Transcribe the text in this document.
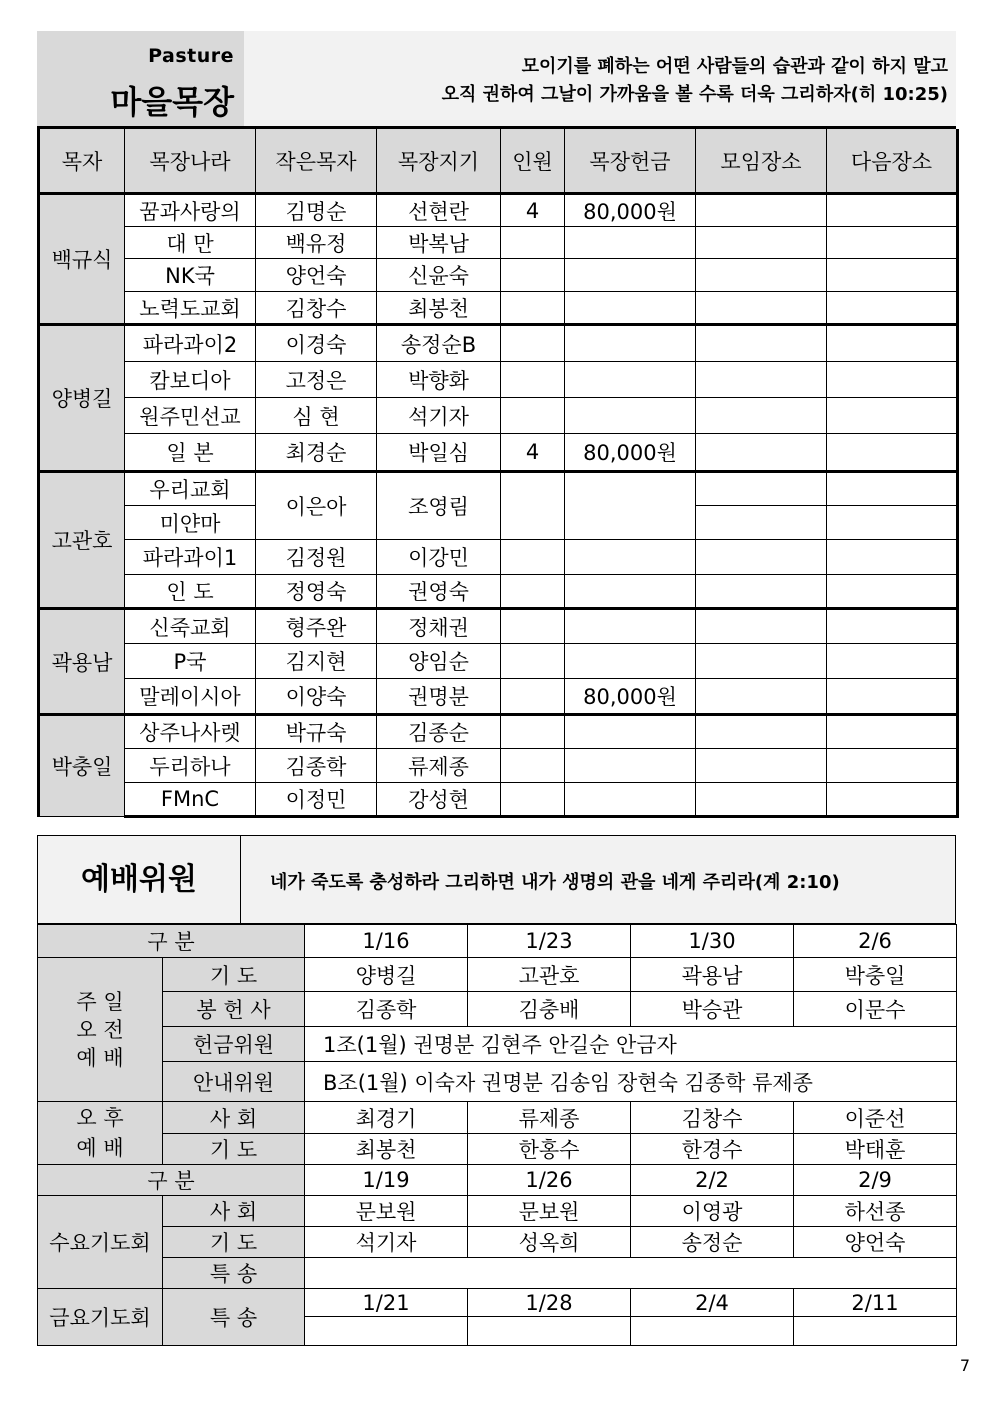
Pasture
마을목장
모이기를 폐하는 어떤 사람들의 습관과 같이 하지 말고
오직 권하여 그날이 가까움을 볼 수록 더욱 그리하자(히 10:25)
목자	목장나라	작은목자	목장지기	인원	목장헌금	모임장소	다음장소
백규식	꿈과사랑의	김명순	선현란	4	80,000원		
	대 만	백유정	박복남				
	NK국	양언숙	신윤숙				
	노력도교회	김창수	최봉천				
양병길	파라과이2	이경숙	송정순B				
	캄보디아	고정은	박향화				
	원주민선교	심 현	석기자				
	일 본	최경순	박일심	4	80,000원		
고관호	우리교회	이은아	조영림				
	미얀마						
	파라과이1	김정원	이강민				
	인 도	정영숙	권영숙				
곽용남	신죽교회	형주완	정채권				
	P국	김지현	양임순				
	말레이시아	이양숙	권명분		80,000원		
박충일	상주나사렛	박규숙	김종순				
	두리하나	김종학	류제종				
	FMnC	이정민	강성현				
예배위원	네가 죽도록 충성하라 그리하면 내가 생명의 관을 네게 주리라(계 2:10)
구 분		1/16	1/23	1/30	2/6
주 일
오 전
예 배	기 도	양병길	고관호	곽용남	박충일
	봉 헌 사	김종학	김충배	박승관	이문수
	헌금위원	1조(1월) 권명분 김현주 안길순 안금자			
	안내위원	B조(1월) 이숙자 권명분 김송임 장현숙 김종학 류제종			
오 후
예 배	사 회	최경기	류제종	김창수	이준선
	기 도	최봉천	한홍수	한경수	박태훈
구 분		1/19	1/26	2/2	2/9
수요기도회	사 회	문보원	문보원	이영광	하선종
	기 도	석기자	성옥희	송정순	양언숙
	특 송				
금요기도회	특 송	1/21	1/28	2/4	2/11

7
